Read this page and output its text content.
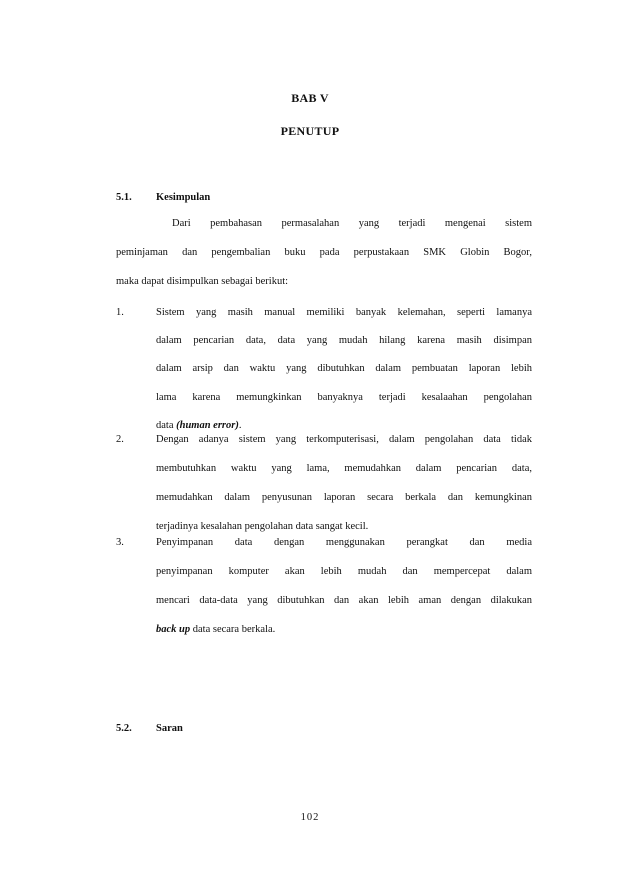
BAB V
PENUTUP
5.1. Kesimpulan
Dari pembahasan permasalahan yang terjadi mengenai sistem
peminjaman dan pengembalian buku pada perpustakaan SMK Globin Bogor,
maka dapat disimpulkan sebagai berikut:
1.	Sistem yang masih manual memiliki banyak kelemahan, seperti lamanya
dalam pencarian data, data yang mudah hilang karena masih disimpan
dalam arsip dan waktu yang dibutuhkan dalam pembuatan laporan lebih
lama karena memungkinkan banyaknya terjadi kesalaahan pengolahan
data (human error).
2.	Dengan adanya sistem yang terkomputerisasi, dalam pengolahan data tidak
membutuhkan waktu yang lama, memudahkan dalam pencarian data,
memudahkan dalam penyusunan laporan secara berkala dan kemungkinan
terjadinya kesalahan pengolahan data sangat kecil.
3.	Penyimpanan data dengan menggunakan perangkat dan media
penyimpanan komputer akan lebih mudah dan mempercepat dalam
mencari data-data yang dibutuhkan dan akan lebih aman dengan dilakukan
back up data secara berkala.
5.2. Saran
102
